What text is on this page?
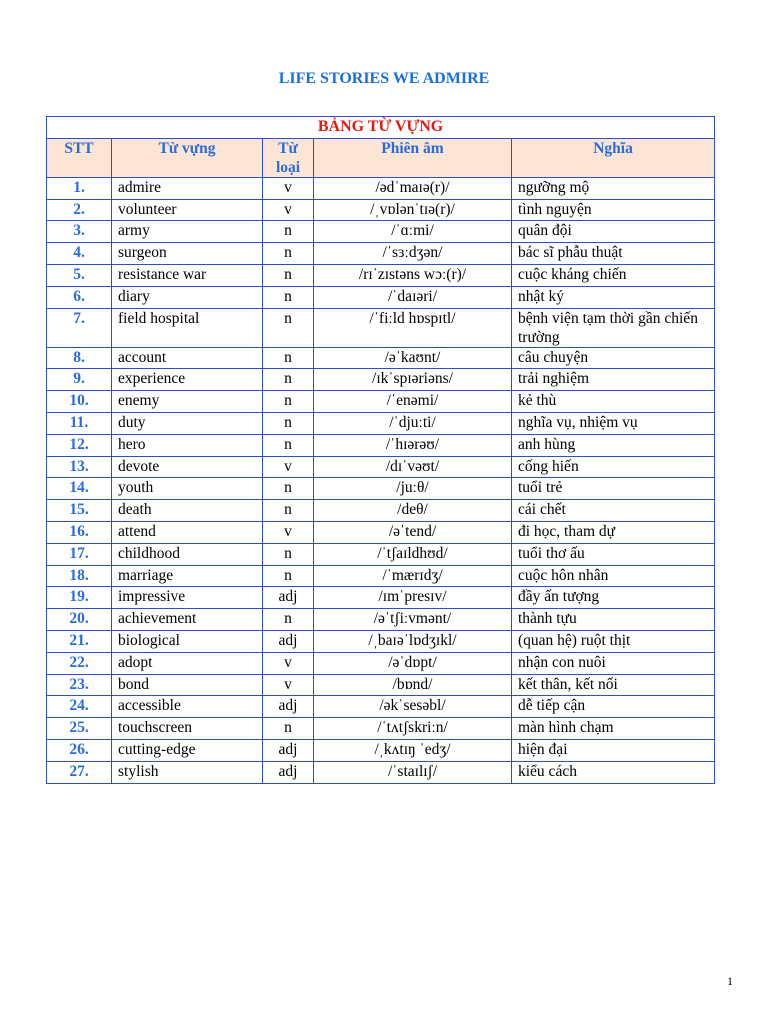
LIFE STORIES WE ADMIRE
BẢNG TỪ VỰNG				
STT	Từ vựng	Từ loại	Phiên âm	Nghĩa
1.	admire	v	/ədˈmaɪə(r)/	ngưỡng mộ
2.	volunteer	v	/ˌvɒlənˈtɪə(r)/	tình nguyện
3.	army	n	/ˈɑːmi/	quân đội
4.	surgeon	n	/ˈsɜːdʒən/	bác sĩ phẫu thuật
5.	resistance war	n	/rɪˈzɪstəns wɔː(r)/	cuộc kháng chiến
6.	diary	n	/ˈdaɪəri/	nhật ký
7.	field hospital	n	/ˈfiːld hɒspɪtl/	bệnh viện tạm thời gần chiến trường
8.	account	n	/əˈkaʊnt/	câu chuyện
9.	experience	n	/ɪkˈspɪəriəns/	trải nghiệm
10.	enemy	n	/ˈenəmi/	kẻ thù
11.	duty	n	/ˈdjuːti/	nghĩa vụ, nhiệm vụ
12.	hero	n	/ˈhɪərəʊ/	anh hùng
13.	devote	v	/dɪˈvəʊt/	cống hiến
14.	youth	n	/juːθ/	tuổi trẻ
15.	death	n	/deθ/	cái chết
16.	attend	v	/əˈtend/	đi học, tham dự
17.	childhood	n	/ˈtʃaɪldhʊd/	tuổi thơ ấu
18.	marriage	n	/ˈmærɪdʒ/	cuộc hôn nhân
19.	impressive	adj	/ɪmˈpresɪv/	đầy ấn tượng
20.	achievement	n	/əˈtʃiːvmənt/	thành tựu
21.	biological	adj	/ˌbaɪəˈlɒdʒɪkl/	(quan hệ) ruột thịt
22.	adopt	v	/əˈdɒpt/	nhận con nuôi
23.	bond	v	/bɒnd/	kết thân, kết nối
24.	accessible	adj	/əkˈsesəbl/	dễ tiếp cận
25.	touchscreen	n	/ˈtʌtʃskriːn/	màn hình chạm
26.	cutting-edge	adj	/ˌkʌtɪŋ ˈedʒ/	hiện đại
27.	stylish	adj	/ˈstaɪlɪʃ/	kiểu cách
1
